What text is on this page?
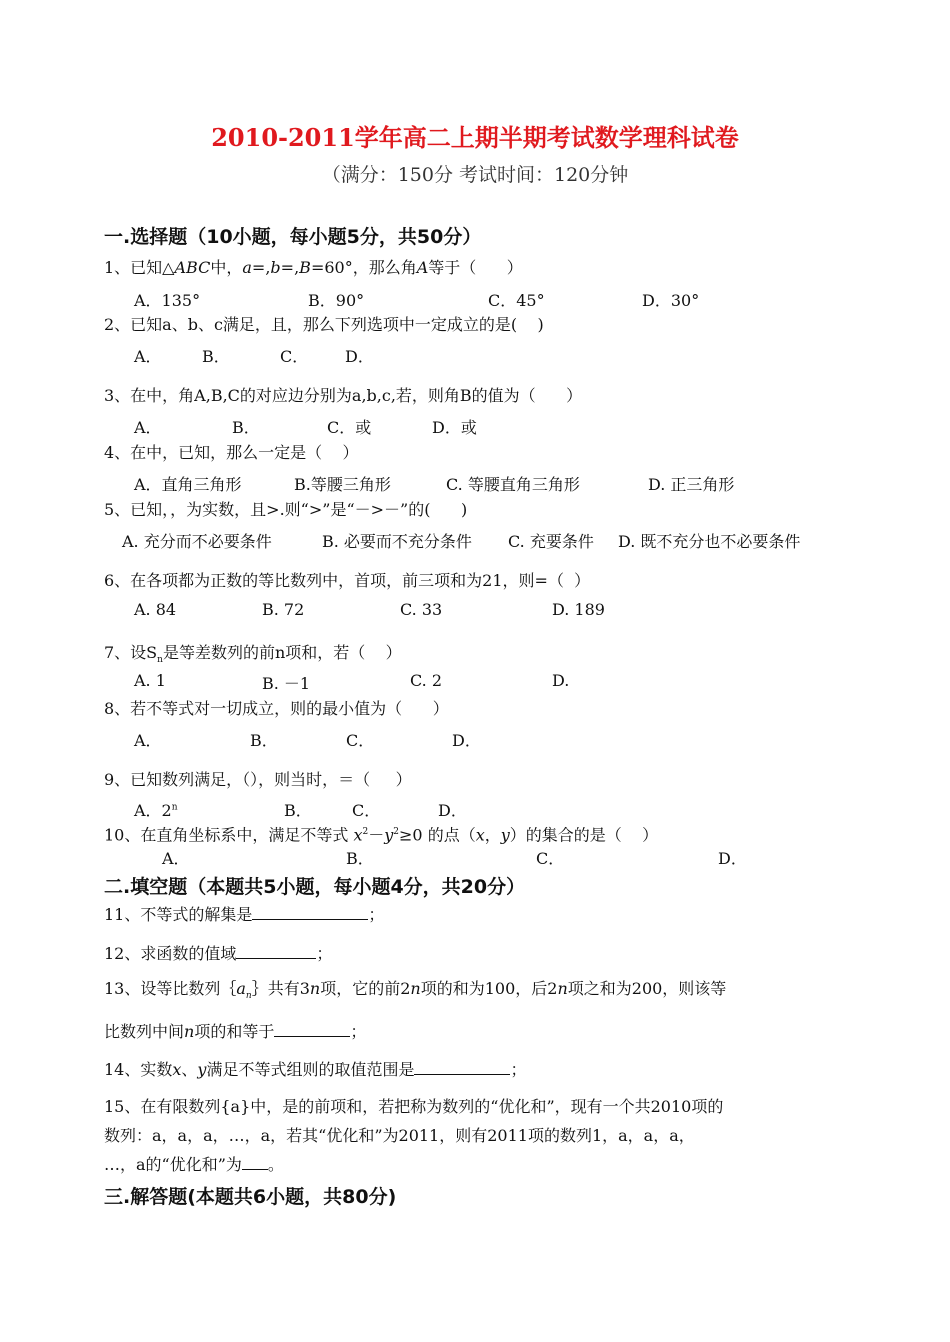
2010-2011学年高二上期半期考试数学理科试卷
（满分：150分 考试时间：120分钟
一.选择题（10小题，每小题5分，共50分）
1、已知△ABC中，a=,b=,B=60°，那么角A等于（      ）
A．135°	B．90°	C．45°	D．30°
2、已知a、b、c满足，且，那么下列选项中一定成立的是(    )
A．	B．	C． D．
3、在中，角A,B,C的对应边分别为a,b,c,若，则角B的值为（      ）
A．	B．	C．或	D．或
4、在中，已知，那么一定是（    ）
A．直角三角形	B.等腰三角形	C. 等腰直角三角形	D. 正三角形
5、已知，，为实数，且>.则“>”是“－>－”的(      )
A. 充分而不必要条件	B. 必要而不充分条件 C. 充要条件 D. 既不充分也不必要条件
6、在各项都为正数的等比数列中，首项，前三项和为21，则=（  ）
A. 84	B. 72	C. 33	D. 189
7、设$S_n$是等差数列的前n项和，若（    ）
A. 1	B. －1	C. 2	D.
8、若不等式对一切成立，则的最小值为（      ）
A．	B．	C．	D．
9、已知数列满足，（），则当时，＝（     ）
A．2$^n$	B．	C．	D．
10、在直角坐标系中，满足不等式 $x^2-y^2\ge 0$ 的点（x，y）的集合的是（    ）
A．	B．	C．	D．
二.填空题（本题共5小题，每小题4分，共20分）
11、不等式的解集是	；
12、求函数的值域	；
13、设等比数列$\{a_n\}$共有3n项，它的前2n项的和为100，后2n项之和为200，则该等
比数列中间n项的和等于	；
14、实数x、y满足不等式组则的取值范围是	；
15、在有限数列{a}中，是的前项和，若把称为数列的“优化和”，现有一个共2010项的
数列：a，a，a，…，a，若其“优化和”为2011，则有2011项的数列1，a，a，a，
…，a的“优化和”为 。
三.解答题(本题共6小题，共80分)
